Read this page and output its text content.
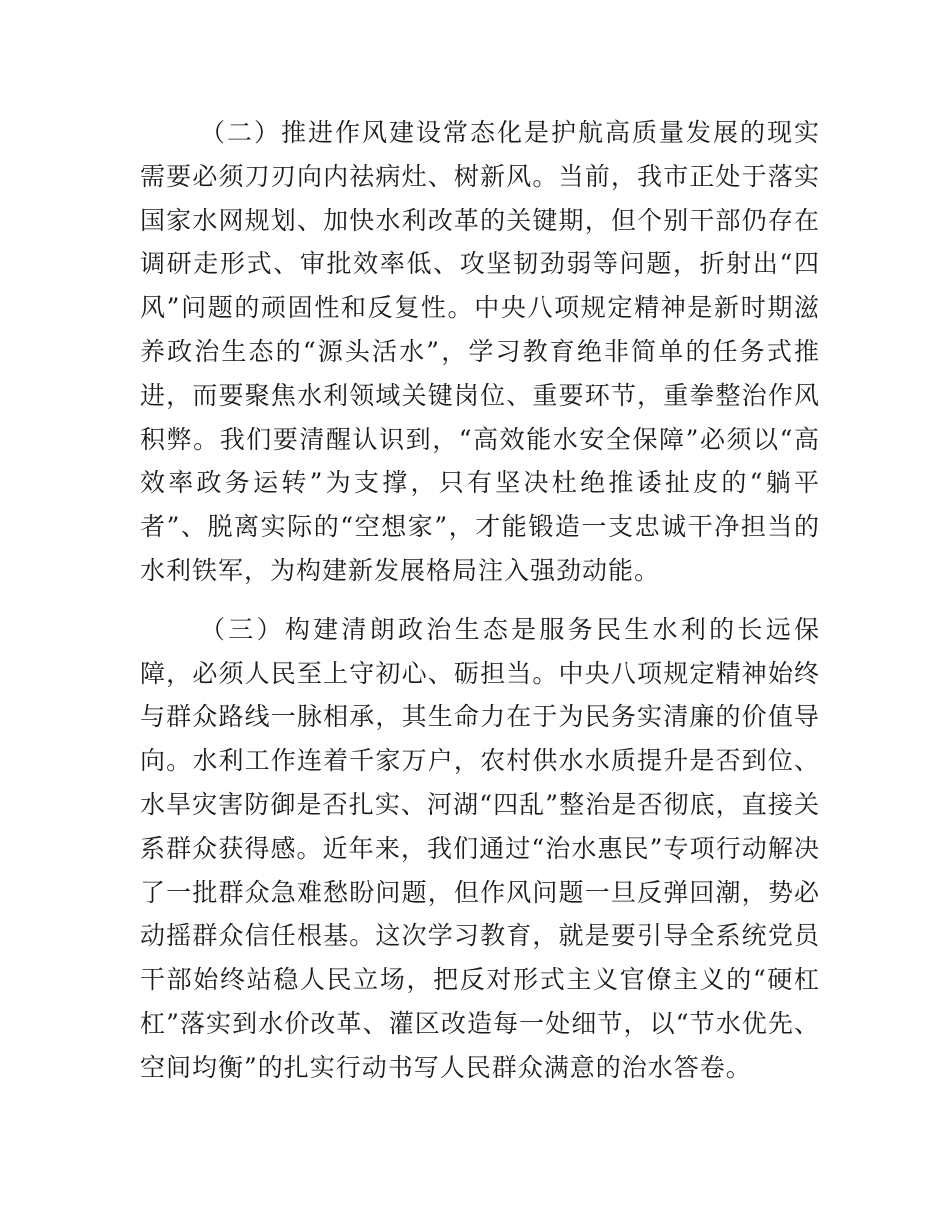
（二）推进作风建设常态化是护航高质量发展的现实需要必须刀刃向内祛病灶、树新风。当前，我市正处于落实国家水网规划、加快水利改革的关键期，但个别干部仍存在调研走形式、审批效率低、攻坚韧劲弱等问题，折射出“四风”问题的顽固性和反复性。中央八项规定精神是新时期滋养政治生态的“源头活水”，学习教育绝非简单的任务式推进，而要聚焦水利领域关键岗位、重要环节，重拳整治作风积弊。我们要清醒认识到，“高效能水安全保障”必须以“高效率政务运转”为支撑，只有坚决杜绝推诿扯皮的“躺平者”、脱离实际的“空想家”，才能锻造一支忠诚干净担当的水利铁军，为构建新发展格局注入强劲动能。

（三）构建清朗政治生态是服务民生水利的长远保障，必须人民至上守初心、砺担当。中央八项规定精神始终与群众路线一脉相承，其生命力在于为民务实清廉的价值导向。水利工作连着千家万户，农村供水水质提升是否到位、水旱灾害防御是否扎实、河湖“四乱”整治是否彻底，直接关系群众获得感。近年来，我们通过“治水惠民”专项行动解决了一批群众急难愁盼问题，但作风问题一旦反弹回潮，势必动摇群众信任根基。这次学习教育，就是要引导全系统党员干部始终站稳人民立场，把反对形式主义官僚主义的“硬杠杠”落实到水价改革、灌区改造每一处细节，以“节水优先、空间均衡”的扎实行动书写人民群众满意的治水答卷。
